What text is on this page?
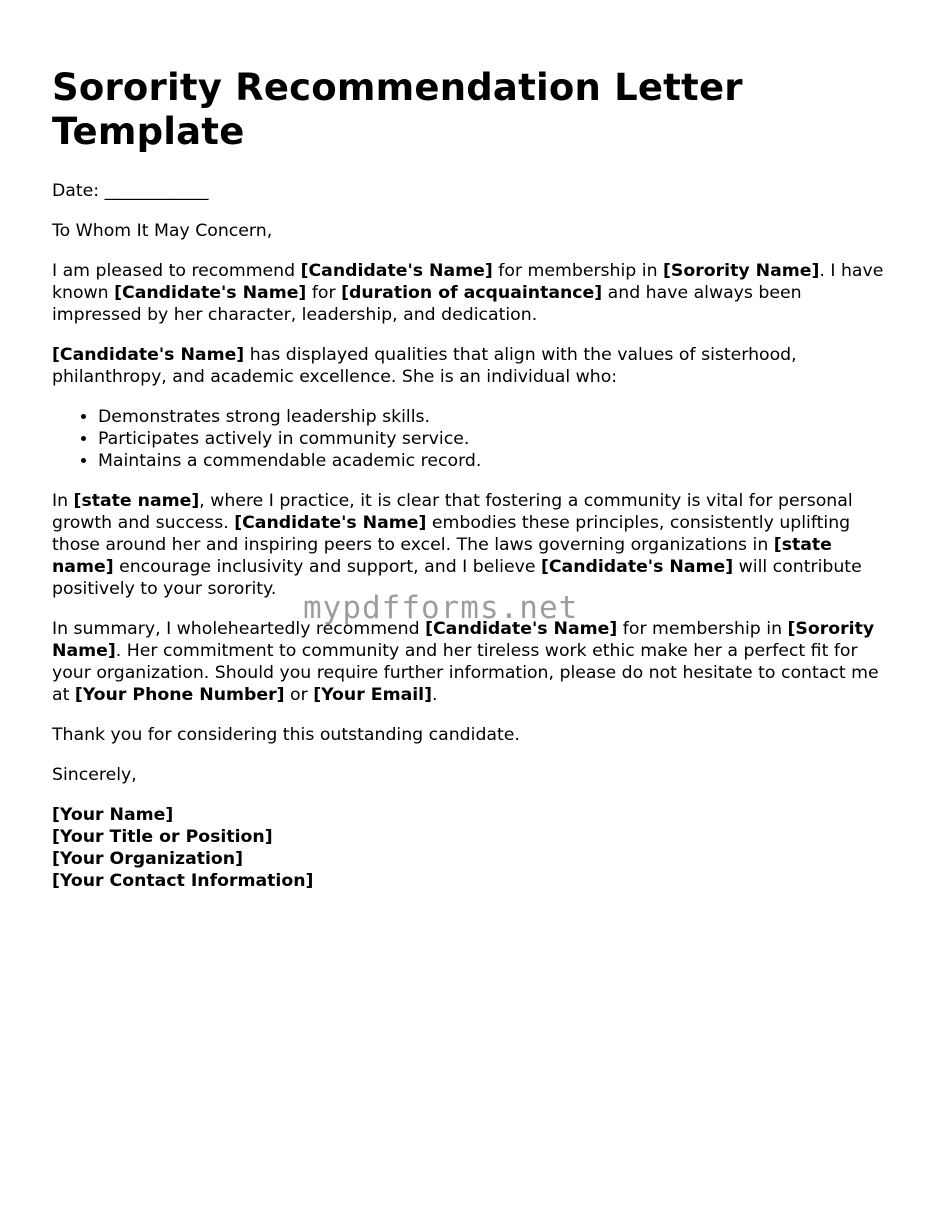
Sorority Recommendation Letter Template

Date: ____________

To Whom It May Concern,

I am pleased to recommend [Candidate's Name] for membership in [Sorority Name]. I have known [Candidate's Name] for [duration of acquaintance] and have always been impressed by her character, leadership, and dedication.

[Candidate's Name] has displayed qualities that align with the values of sisterhood, philanthropy, and academic excellence. She is an individual who:

• Demonstrates strong leadership skills.
• Participates actively in community service.
• Maintains a commendable academic record.

In [state name], where I practice, it is clear that fostering a community is vital for personal growth and success. [Candidate's Name] embodies these principles, consistently uplifting those around her and inspiring peers to excel. The laws governing organizations in [state name] encourage inclusivity and support, and I believe [Candidate's Name] will contribute positively to your sorority.

In summary, I wholeheartedly recommend [Candidate's Name] for membership in [Sorority Name]. Her commitment to community and her tireless work ethic make her a perfect fit for your organization. Should you require further information, please do not hesitate to contact me at [Your Phone Number] or [Your Email].

Thank you for considering this outstanding candidate.

Sincerely,

[Your Name]
[Your Title or Position]
[Your Organization]
[Your Contact Information]
mypdfforms.net
